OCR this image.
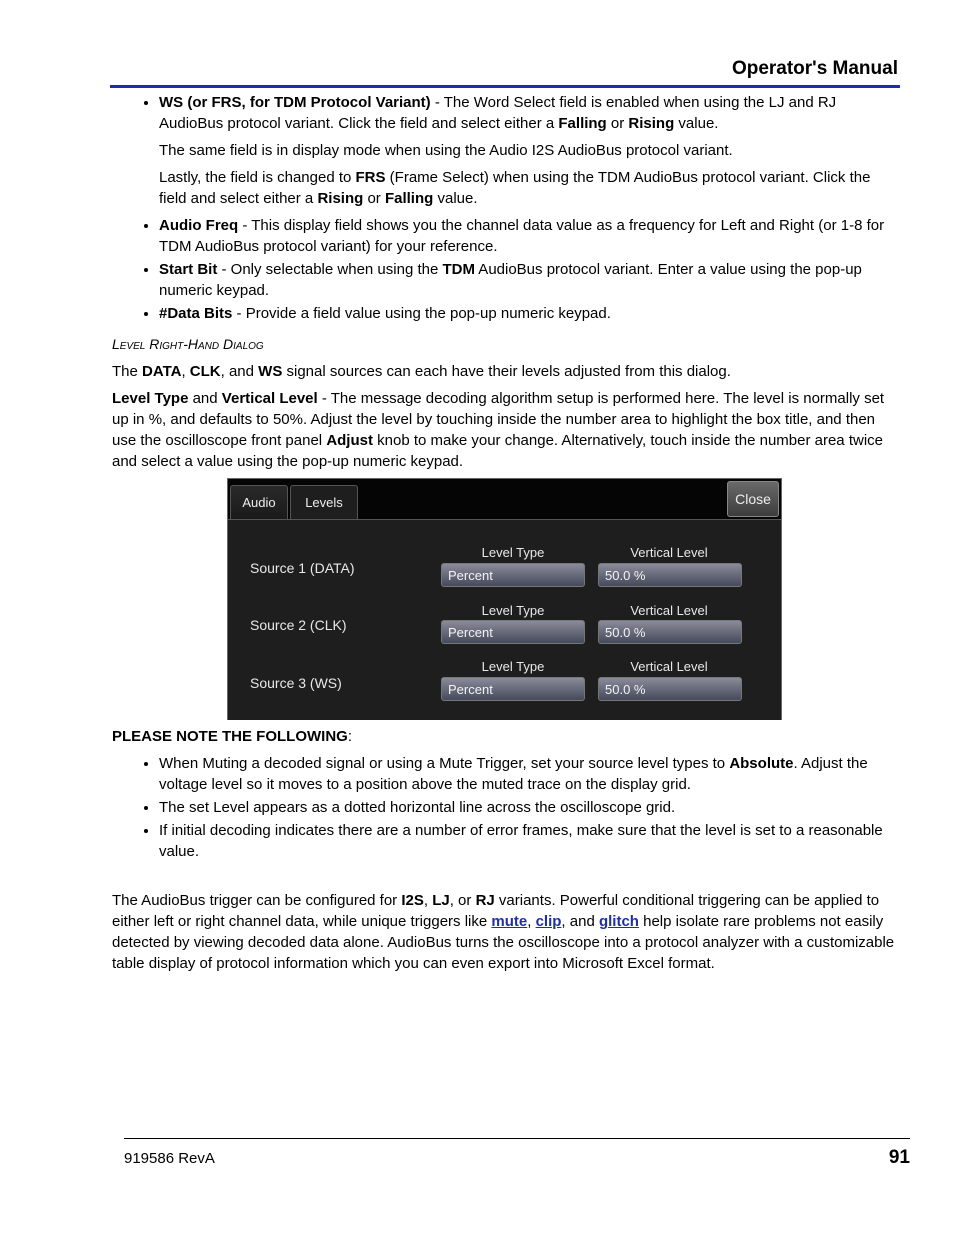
Operator's Manual

• WS (or FRS, for TDM Protocol Variant) - The Word Select field is enabled when using the LJ and RJ AudioBus protocol variant. Click the field and select either a Falling or Rising value.

The same field is in display mode when using the Audio I2S AudioBus protocol variant.

Lastly, the field is changed to FRS (Frame Select) when using the TDM AudioBus protocol variant. Click the field and select either a Rising or Falling value.

• Audio Freq - This display field shows you the channel data value as a frequency for Left and Right (or 1-8 for TDM AudioBus protocol variant) for your reference.
• Start Bit - Only selectable when using the TDM AudioBus protocol variant. Enter a value using the pop-up numeric keypad.
• #Data Bits - Provide a field value using the pop-up numeric keypad.
Level Right-Hand Dialog

The DATA, CLK, and WS signal sources can each have their levels adjusted from this dialog.

Level Type and Vertical Level - The message decoding algorithm setup is performed here. The level is normally set up in %, and defaults to 50%. Adjust the level by touching inside the number area to highlight the box title, and then use the oscilloscope front panel Adjust knob to make your change. Alternatively, touch inside the number area twice and select a value using the pop-up numeric keypad.

Audio	Levels	Close
Level Type	Vertical Level
Source 1 (DATA)	Percent	50.0 %
Level Type	Vertical Level
Source 2 (CLK)	Percent	50.0 %
Level Type	Vertical Level
Source 3 (WS)	Percent	50.0 %

PLEASE NOTE THE FOLLOWING:

• When Muting a decoded signal or using a Mute Trigger, set your source level types to Absolute. Adjust the voltage level so it moves to a position above the muted trace on the display grid.
• The set Level appears as a dotted horizontal line across the oscilloscope grid.
• If initial decoding indicates there are a number of error frames, make sure that the level is set to a reasonable value.

The AudioBus trigger can be configured for I2S, LJ, or RJ variants. Powerful conditional triggering can be applied to either left or right channel data, while unique triggers like mute, clip, and glitch help isolate rare problems not easily detected by viewing decoded data alone. AudioBus turns the oscilloscope into a protocol analyzer with a customizable table display of protocol information which you can even export into Microsoft Excel format.

919586 RevA	91
